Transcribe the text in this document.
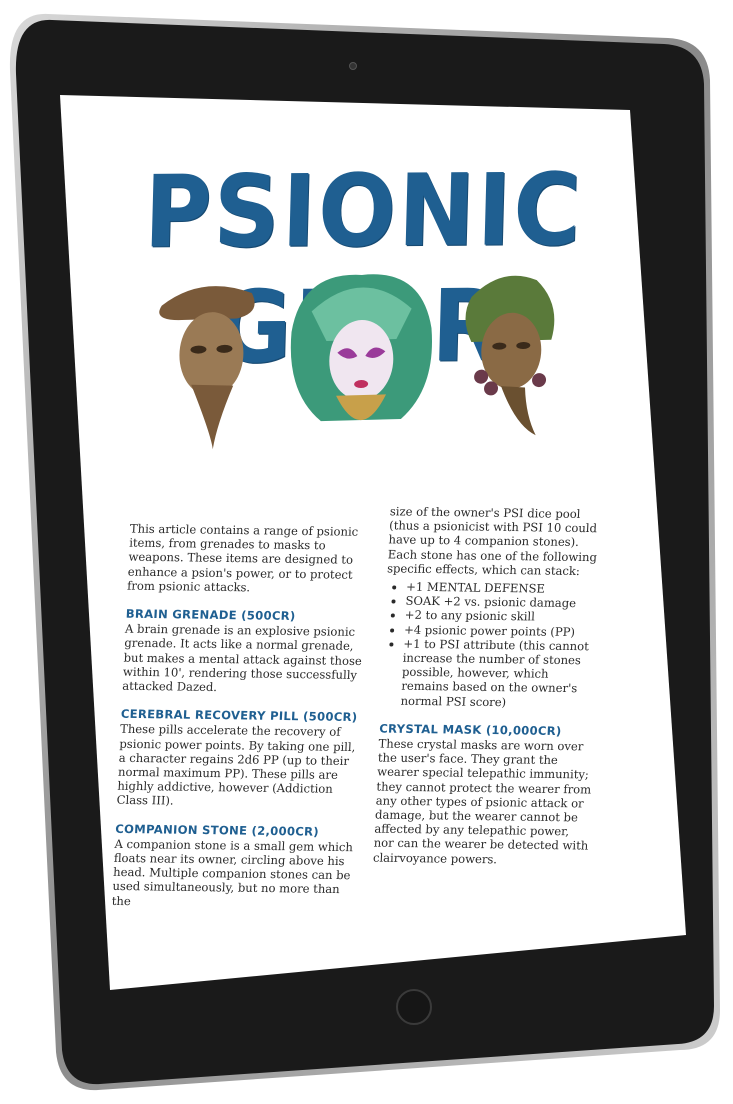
PSIONIC

This article contains a range of psionic items, from grenades to masks to weapons. These items are designed to enhance a psion's power, or to protect from psionic attacks.

BRAIN GRENADE (500CR)

A brain grenade is an explosive psionic grenade. It acts like a normal grenade, but makes a mental attack against those within 10', rendering those successfully attacked Dazed.

CEREBRAL RECOVERY PILL (500CR)

These pills accelerate the recovery of psionic power points. By taking one pill, a character regains 2d6 PP (up to their normal maximum PP). These pills are highly addictive, however (Addiction Class III).

COMPANION STONE (2,000CR)

A companion stone is a small gem which floats near its owner, circling above his head. Multiple companion stones can be used simultaneously, but no more than the

size of the owner's PSI dice pool (thus a psionicist with PSI 10 could have up to 4 companion stones). Each stone has one of the following specific effects, which can stack:

• +1 MENTAL DEFENSE
• SOAK +2 vs. psionic damage
• +2 to any psionic skill
• +4 psionic power points (PP)
• +1 to PSI attribute (this cannot increase the number of stones possible, however, which remains based on the owner's normal PSI score)
CRYSTAL MASK (10,000CR)

These crystal masks are worn over the user's face. They grant the wearer special telepathic immunity; they cannot protect the wearer from any other types of psionic attack or damage, but the wearer cannot be affected by any telepathic power, nor can the wearer be detected with clairvoyance powers.
